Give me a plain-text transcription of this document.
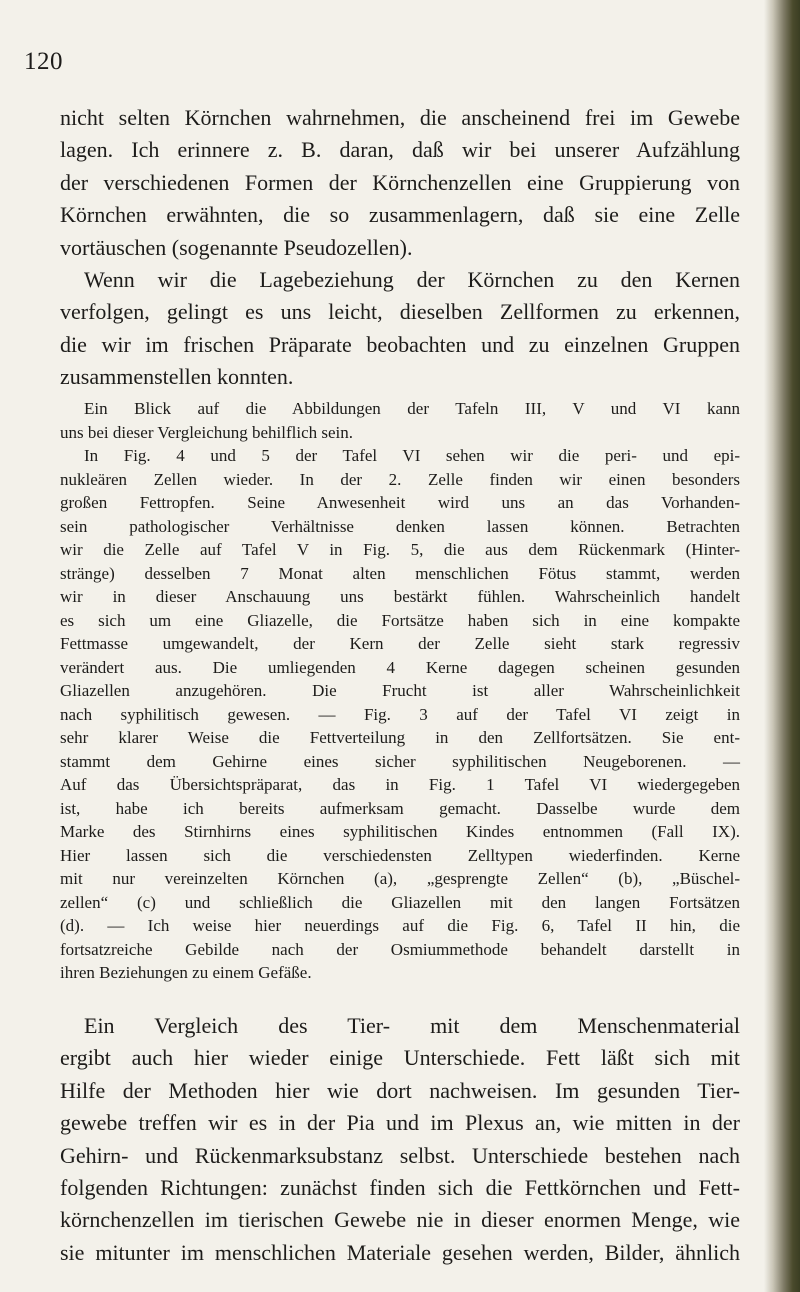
120
nicht selten Körnchen wahrnehmen, die anscheinend frei im Gewebe
lagen. Ich erinnere z. B. daran, daß wir bei unserer Aufzählung
der verschiedenen Formen der Körnchenzellen eine Gruppierung von
Körnchen erwähnten, die so zusammenlagern, daß sie eine Zelle
vortäuschen (sogenannte Pseudozellen).
Wenn wir die Lagebeziehung der Körnchen zu den Kernen
verfolgen, gelingt es uns leicht, dieselben Zellformen zu erkennen,
die wir im frischen Präparate beobachten und zu einzelnen Gruppen
zusammenstellen konnten.
Ein Blick auf die Abbildungen der Tafeln III, V und VI kann
uns bei dieser Vergleichung behilflich sein.
In Fig. 4 und 5 der Tafel VI sehen wir die peri- und epi-
nukleären Zellen wieder. In der 2. Zelle finden wir einen besonders
großen Fettropfen. Seine Anwesenheit wird uns an das Vorhanden-
sein pathologischer Verhältnisse denken lassen können. Betrachten
wir die Zelle auf Tafel V in Fig. 5, die aus dem Rückenmark (Hinter-
stränge) desselben 7 Monat alten menschlichen Fötus stammt, werden
wir in dieser Anschauung uns bestärkt fühlen. Wahrscheinlich handelt
es sich um eine Gliazelle, die Fortsätze haben sich in eine kompakte
Fettmasse umgewandelt, der Kern der Zelle sieht stark regressiv
verändert aus. Die umliegenden 4 Kerne dagegen scheinen gesunden
Gliazellen anzugehören. Die Frucht ist aller Wahrscheinlichkeit
nach syphilitisch gewesen. — Fig. 3 auf der Tafel VI zeigt in
sehr klarer Weise die Fettverteilung in den Zellfortsätzen. Sie ent-
stammt dem Gehirne eines sicher syphilitischen Neugeborenen. —
Auf das Übersichtspräparat, das in Fig. 1 Tafel VI wiedergegeben
ist, habe ich bereits aufmerksam gemacht. Dasselbe wurde dem
Marke des Stirnhirns eines syphilitischen Kindes entnommen (Fall IX).
Hier lassen sich die verschiedensten Zelltypen wiederfinden. Kerne
mit nur vereinzelten Körnchen (a), „gesprengte Zellen“ (b), „Büschel-
zellen“ (c) und schließlich die Gliazellen mit den langen Fortsätzen
(d). — Ich weise hier neuerdings auf die Fig. 6, Tafel II hin, die
fortsatzreiche Gebilde nach der Osmiummethode behandelt darstellt in
ihren Beziehungen zu einem Gefäße.
Ein Vergleich des Tier- mit dem Menschenmaterial
ergibt auch hier wieder einige Unterschiede. Fett läßt sich mit
Hilfe der Methoden hier wie dort nachweisen. Im gesunden Tier-
gewebe treffen wir es in der Pia und im Plexus an, wie mitten in der
Gehirn- und Rückenmarksubstanz selbst. Unterschiede bestehen nach
folgenden Richtungen: zunächst finden sich die Fettkörnchen und Fett-
körnchenzellen im tierischen Gewebe nie in dieser enormen Menge, wie
sie mitunter im menschlichen Materiale gesehen werden, Bilder, ähnlich
